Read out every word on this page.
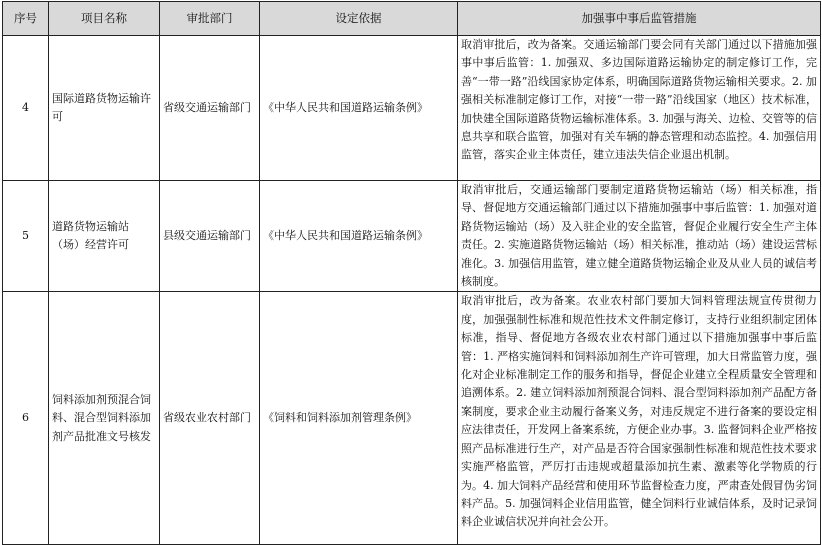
序号	项目名称	审批部门	设定依据	加强事中事后监管措施
4	国际道路货物运输许可	省级交通运输部门	《中华人民共和国道路运输条例》	取消审批后，改为备案。交通运输部门要会同有关部门通过以下措施加强事中事后监管：1. 加强双、多边国际道路运输协定的制定修订工作，完善“一带一路”沿线国家协定体系，明确国际道路货物运输相关要求。2. 加强相关标准制定修订工作，对接“一带一路”沿线国家（地区）技术标准，加快建全国际道路货物运输标准体系。3. 加强与海关、边检、交管等的信息共享和联合监管，加强对有关车辆的静态管理和动态监控。4. 加强信用监管，落实企业主体责任，建立违法失信企业退出机制。
5	道路货物运输站（场）经营许可	县级交通运输部门	《中华人民共和国道路运输条例》	取消审批后，交通运输部门要制定道路货物运输站（场）相关标准，指导、督促地方交通运输部门通过以下措施加强事中事后监管：1. 加强对道路货物运输站（场）及入驻企业的安全监管，督促企业履行安全生产主体责任。2. 实施道路货物运输站（场）相关标准，推动站（场）建设运营标准化。3. 加强信用监管，建立健全道路货物运输企业及从业人员的诚信考核制度。
6	饲料添加剂预混合饲料、混合型饲料添加剂产品批准文号核发	省级农业农村部门	《饲料和饲料添加剂管理条例》	取消审批后，改为备案。农业农村部门要加大饲料管理法规宣传贯彻力度，加强强制性标准和规范性技术文件制定修订，支持行业组织制定团体标准，指导、督促地方各级农业农村部门通过以下措施加强事中事后监管：1. 严格实施饲料和饲料添加剂生产许可管理，加大日常监管力度，强化对企业标准制定工作的服务和指导，督促企业建立全程质量安全管理和追溯体系。2. 建立饲料添加剂预混合饲料、混合型饲料添加剂产品配方备案制度，要求企业主动履行备案义务，对违反规定不进行备案的要设定相应法律责任，开发网上备案系统，方便企业办事。3. 监督饲料企业严格按照产品标准进行生产，对产品是否符合国家强制性标准和规范性技术要求实施严格监管，严厉打击违规或超量添加抗生素、激素等化学物质的行为。4. 加大饲料产品经营和使用环节监督检查力度，严肃查处假冒伪劣饲料产品。5. 加强饲料企业信用监管，健全饲料行业诚信体系，及时记录饲料企业诚信状况并向社会公开。
